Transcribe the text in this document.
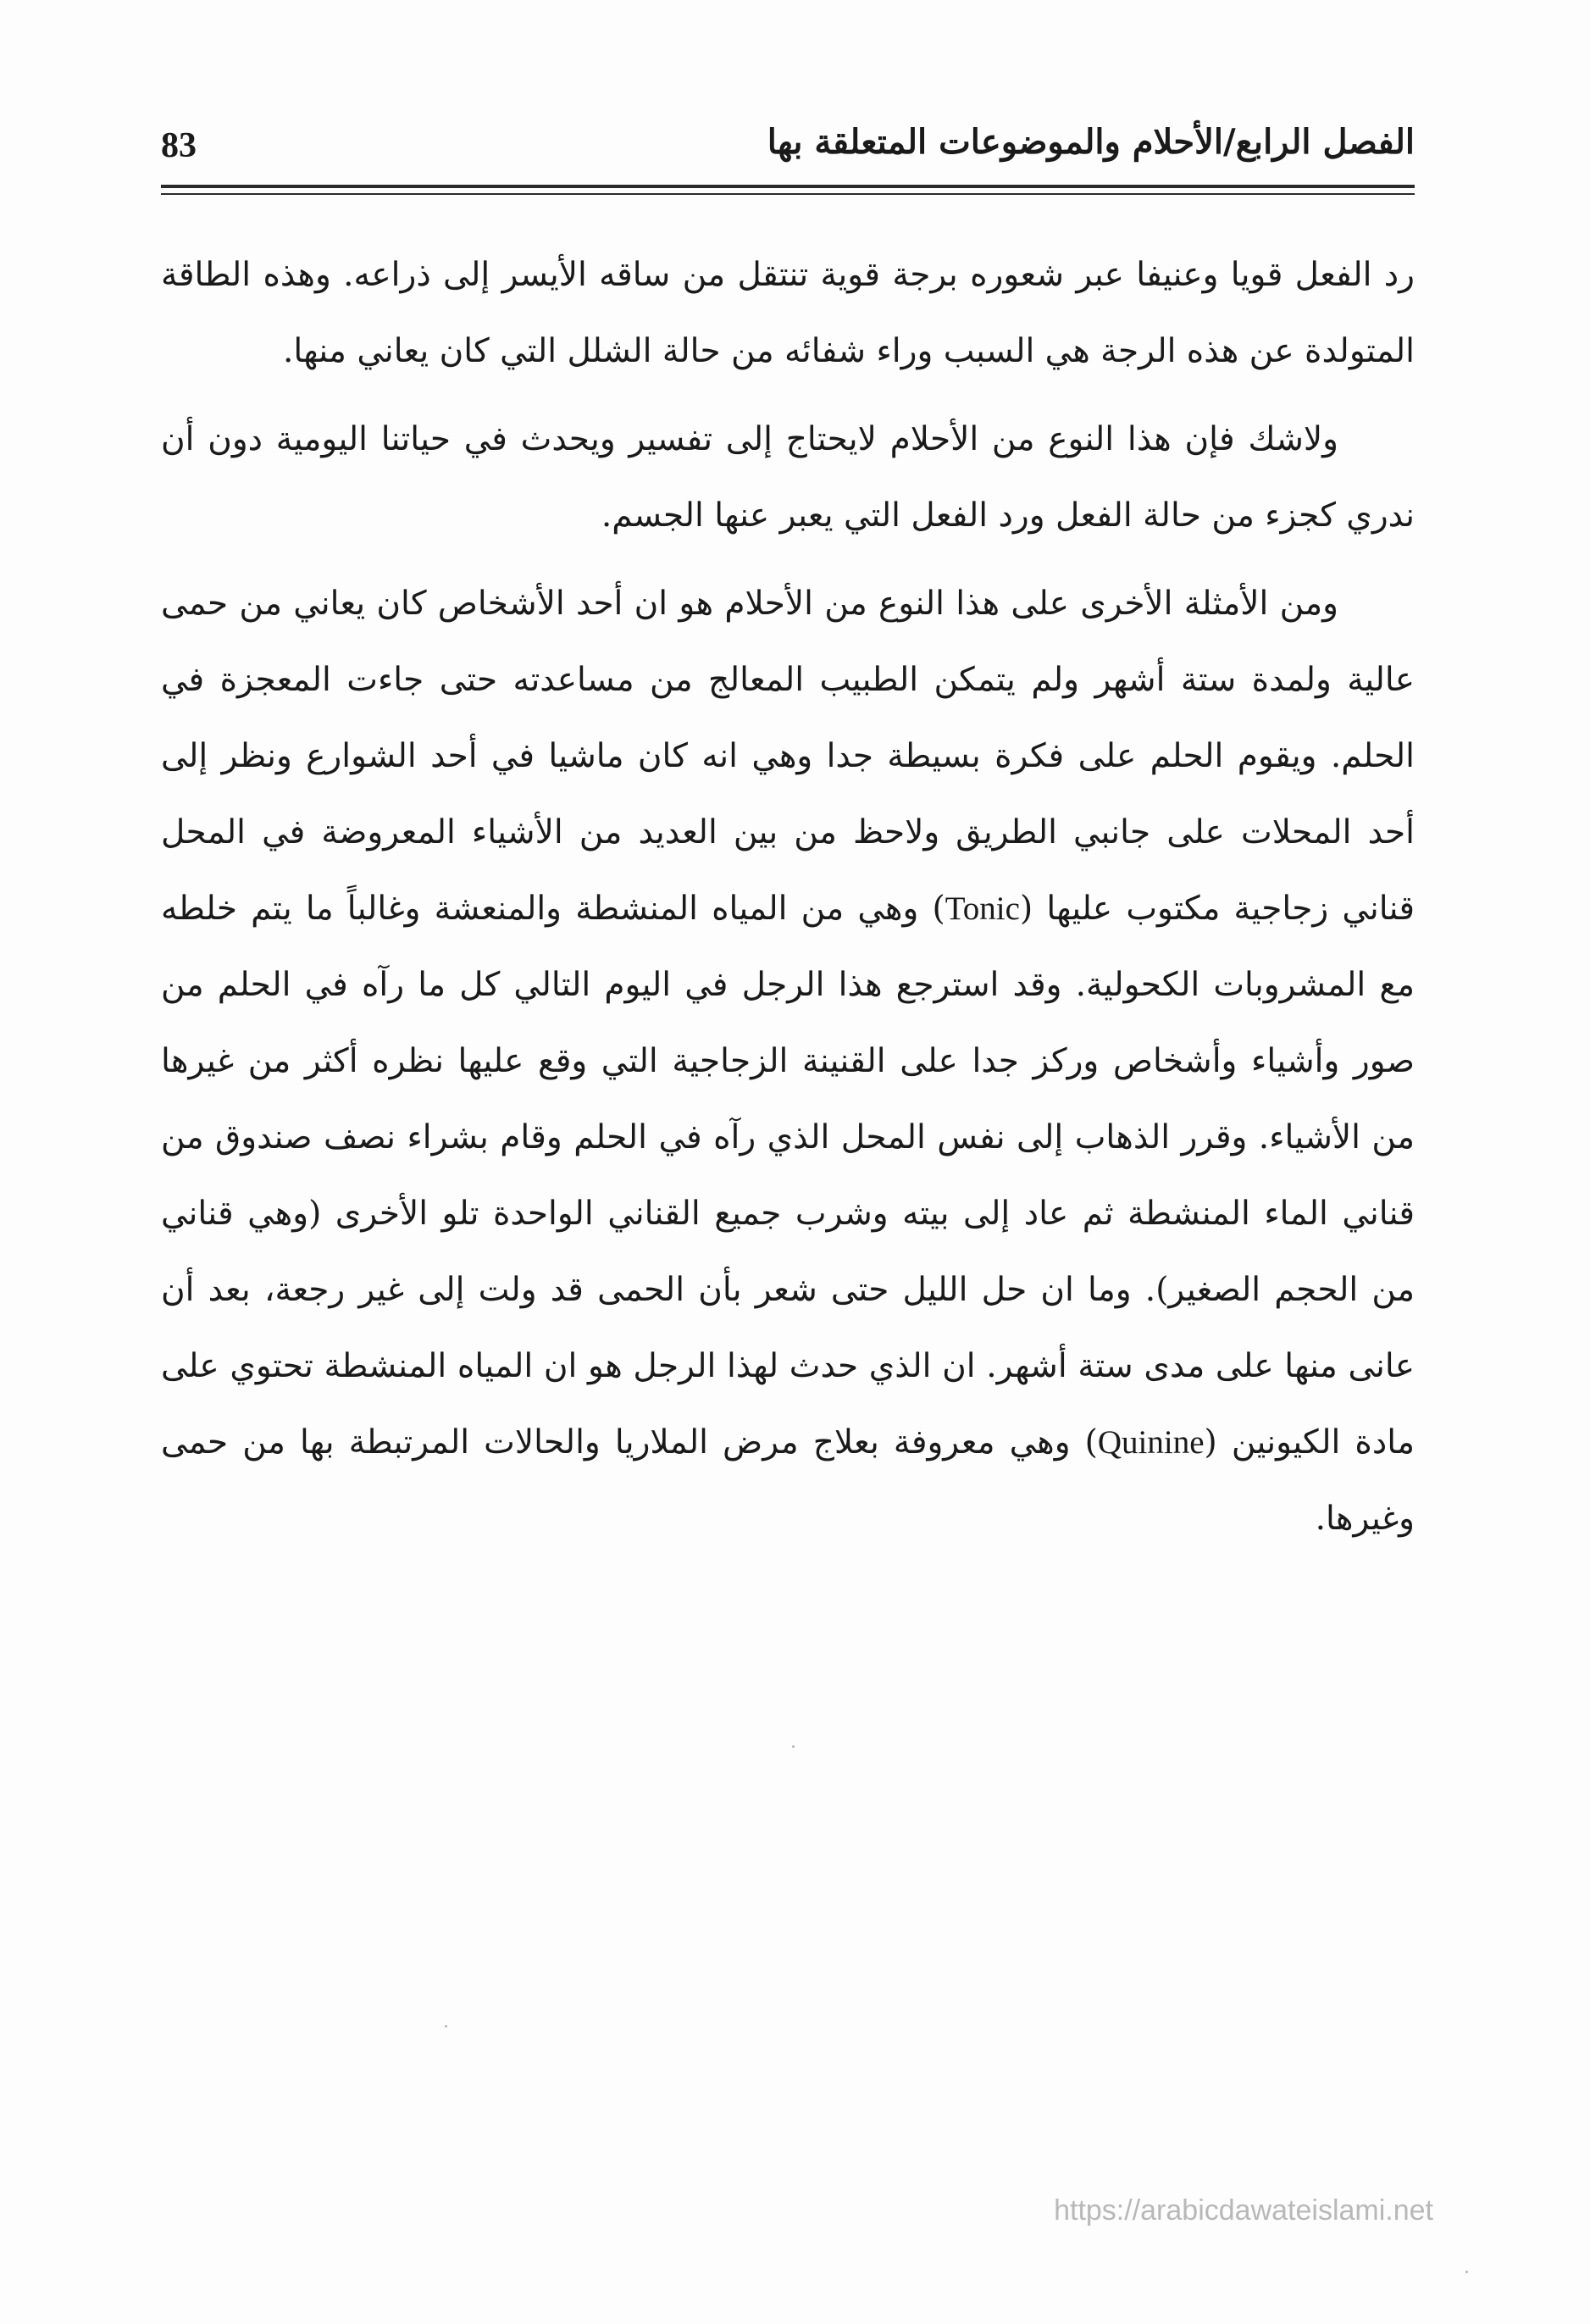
83	الفصل الرابع/الأحلام والموضوعات المتعلقة بها

رد الفعل قويا وعنيفا عبر شعوره برجة قوية تنتقل من ساقه الأيسر إلى ذراعه. وهذه الطاقة المتولدة عن هذه الرجة هي السبب وراء شفائه من حالة الشلل التي كان يعاني منها.

ولاشك فإن هذا النوع من الأحلام لايحتاج إلى تفسير ويحدث في حياتنا اليومية دون أن ندري كجزء من حالة الفعل ورد الفعل التي يعبر عنها الجسم.

ومن الأمثلة الأخرى على هذا النوع من الأحلام هو ان أحد الأشخاص كان يعاني من حمى عالية ولمدة ستة أشهر ولم يتمكن الطبيب المعالج من مساعدته حتى جاءت المعجزة في الحلم. ويقوم الحلم على فكرة بسيطة جدا وهي انه كان ماشيا في أحد الشوارع ونظر إلى أحد المحلات على جانبي الطريق ولاحظ من بين العديد من الأشياء المعروضة في المحل قناني زجاجية مكتوب عليها (Tonic) وهي من المياه المنشطة والمنعشة وغالباً ما يتم خلطه مع المشروبات الكحولية. وقد استرجع هذا الرجل في اليوم التالي كل ما رآه في الحلم من صور وأشياء وأشخاص وركز جدا على القنينة الزجاجية التي وقع عليها نظره أكثر من غيرها من الأشياء. وقرر الذهاب إلى نفس المحل الذي رآه في الحلم وقام بشراء نصف صندوق من قناني الماء المنشطة ثم عاد إلى بيته وشرب جميع القناني الواحدة تلو الأخرى (وهي قناني من الحجم الصغير). وما ان حل الليل حتى شعر بأن الحمى قد ولت إلى غير رجعة، بعد أن عانى منها على مدى ستة أشهر. ان الذي حدث لهذا الرجل هو ان المياه المنشطة تحتوي على مادة الكيونين (Quinine) وهي معروفة بعلاج مرض الملاريا والحالات المرتبطة بها من حمى وغيرها.

https://arabicdawateislami.net
